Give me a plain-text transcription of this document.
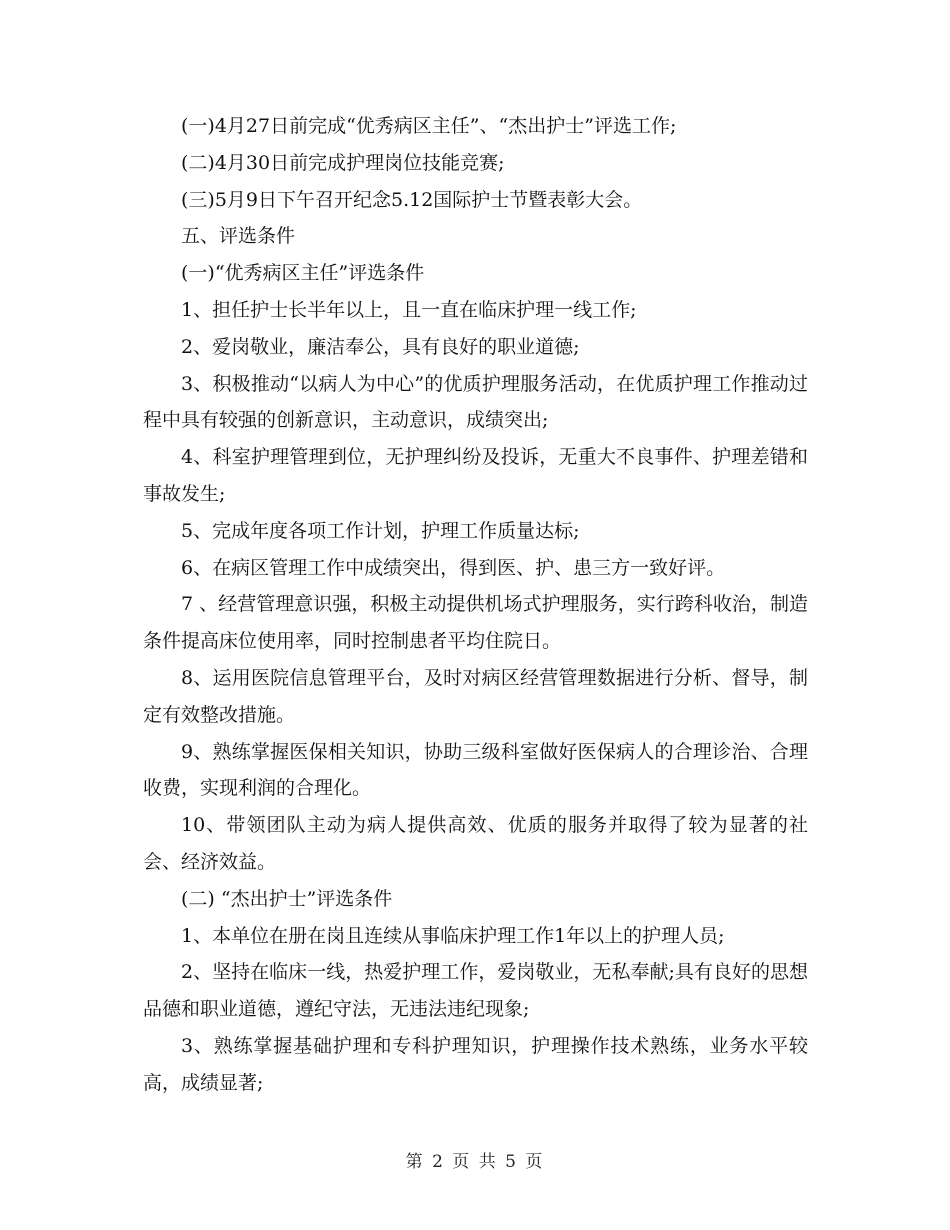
(一)4月27日前完成“优秀病区主任”、“杰出护士”评选工作;

(二)4月30日前完成护理岗位技能竞赛;

(三)5月9日下午召开纪念5.12国际护士节暨表彰大会。

五、评选条件

(一)“优秀病区主任”评选条件

1、担任护士长半年以上，且一直在临床护理一线工作;

2、爱岗敬业，廉洁奉公，具有良好的职业道德;

3、积极推动“以病人为中心”的优质护理服务活动，在优质护理工作推动过程中具有较强的创新意识，主动意识，成绩突出;

4、科室护理管理到位，无护理纠纷及投诉，无重大不良事件、护理差错和事故发生;

5、完成年度各项工作计划，护理工作质量达标;

6、在病区管理工作中成绩突出，得到医、护、患三方一致好评。

7 、经营管理意识强，积极主动提供机场式护理服务，实行跨科收治，制造条件提高床位使用率，同时控制患者平均住院日。

8、运用医院信息管理平台，及时对病区经营管理数据进行分析、督导，制定有效整改措施。

9、熟练掌握医保相关知识，协助三级科室做好医保病人的合理诊治、合理收费，实现利润的合理化。

10、带领团队主动为病人提供高效、优质的服务并取得了较为显著的社会、经济效益。

(二) “杰出护士”评选条件

1、本单位在册在岗且连续从事临床护理工作1年以上的护理人员;

2、坚持在临床一线，热爱护理工作，爱岗敬业，无私奉献;具有良好的思想品德和职业道德，遵纪守法，无违法违纪现象;

3、熟练掌握基础护理和专科护理知识，护理操作技术熟练，业务水平较高，成绩显著;

第 2 页 共 5 页
